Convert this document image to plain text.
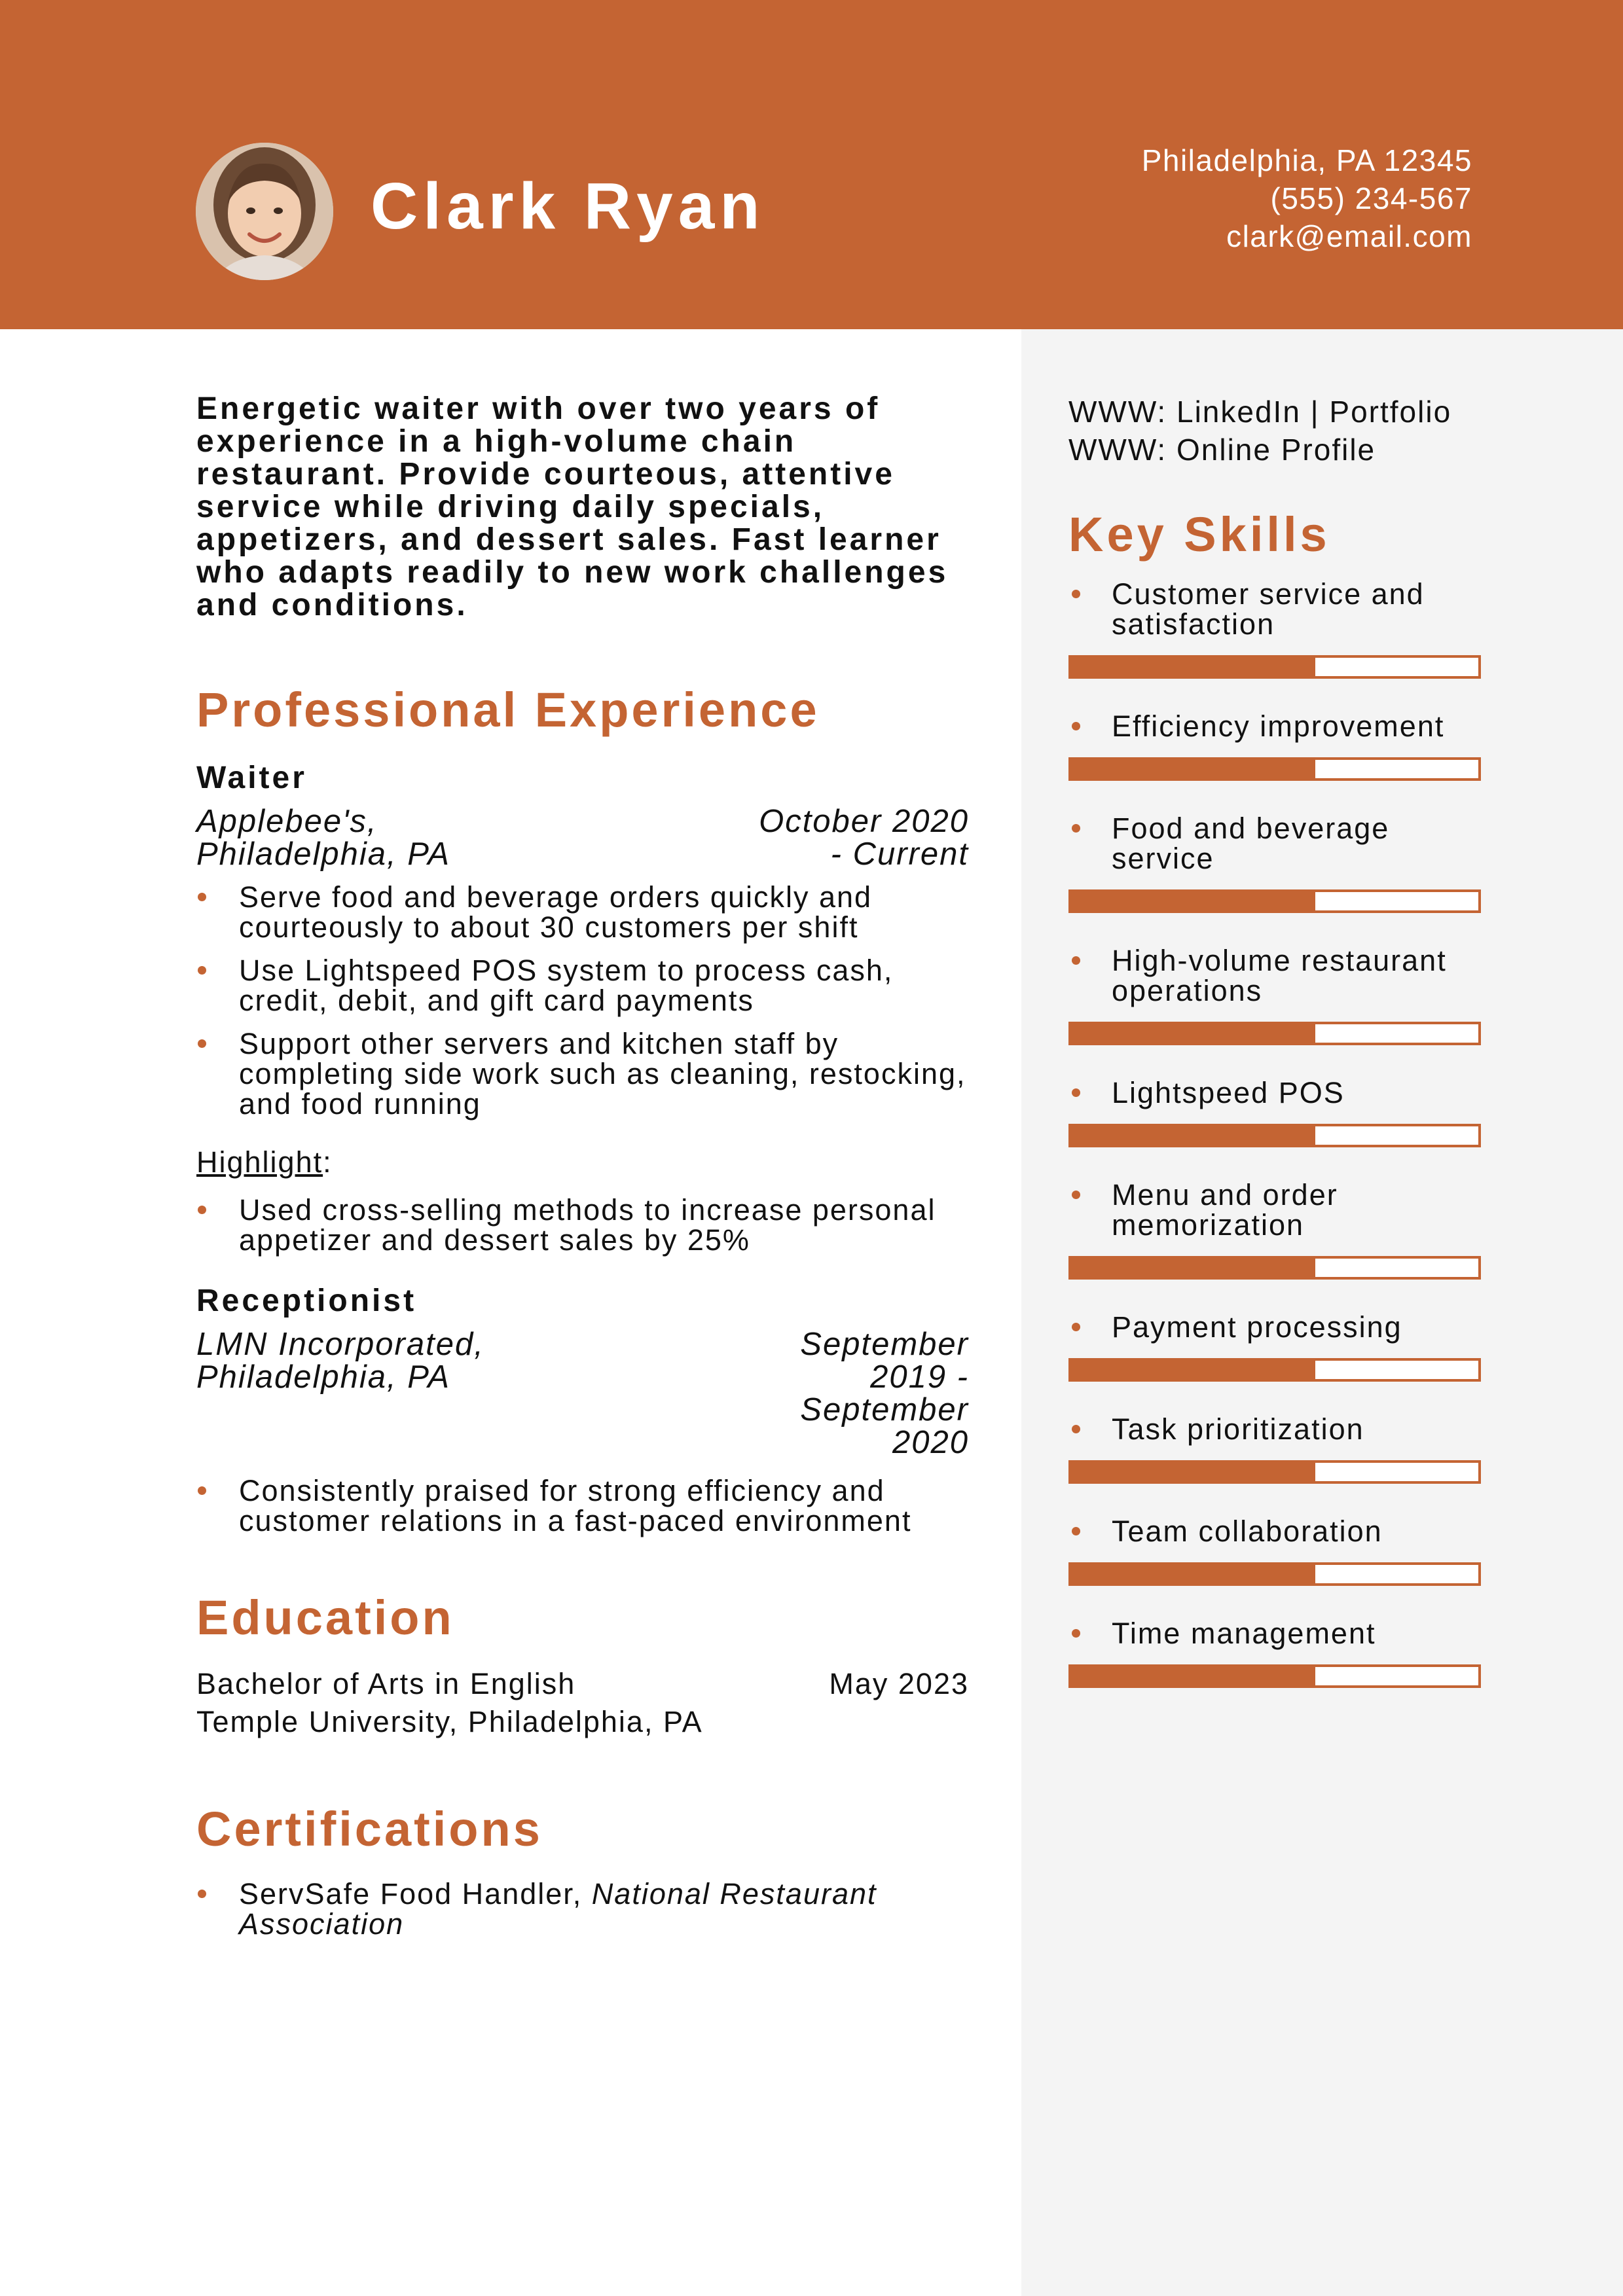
Clark Ryan
Philadelphia, PA 12345
(555) 234-567
clark@email.com
Energetic waiter with over two years of experience in a high-volume chain restaurant. Provide courteous, attentive service while driving daily specials, appetizers, and dessert sales. Fast learner who adapts readily to new work challenges and conditions.
Professional Experience
Waiter
Applebee's,
Philadelphia, PA
October 2020
- Current
Serve food and beverage orders quickly and courteously to about 30 customers per shift
Use Lightspeed POS system to process cash, credit, debit, and gift card payments
Support other servers and kitchen staff by completing side work such as cleaning, restocking, and food running
Highlight:
Used cross-selling methods to increase personal appetizer and dessert sales by 25%
Receptionist
LMN Incorporated,
Philadelphia, PA
September
2019 -
September
2020
Consistently praised for strong efficiency and customer relations in a fast-paced environment
Education
Bachelor of Arts in English	May 2023
Temple University, Philadelphia, PA
Certifications
ServSafe Food Handler, National Restaurant Association
WWW: LinkedIn | Portfolio
WWW: Online Profile
Key Skills
Customer service and satisfaction
Efficiency improvement
Food and beverage service
High-volume restaurant operations
Lightspeed POS
Menu and order memorization
Payment processing
Task prioritization
Team collaboration
Time management
